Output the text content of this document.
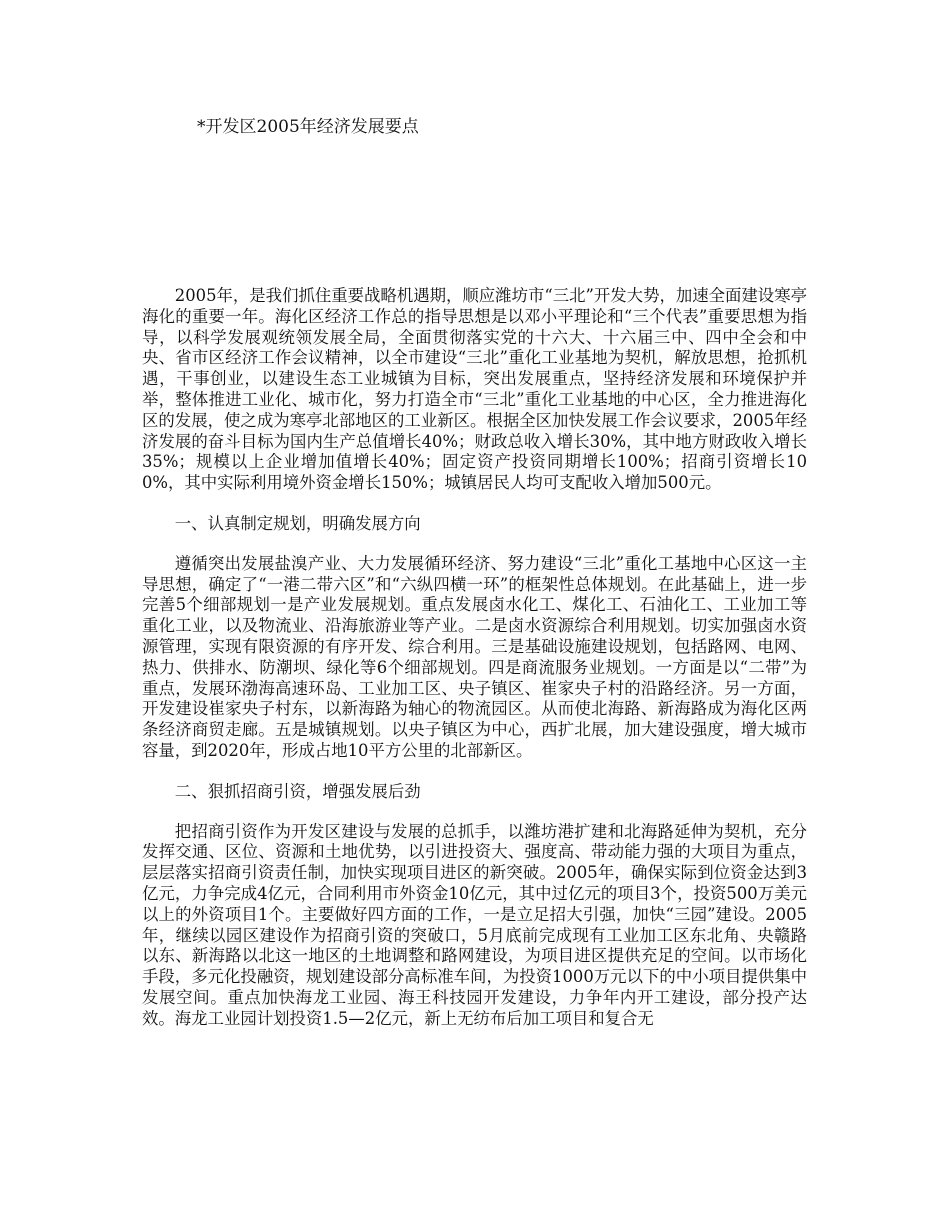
*开发区2005年经济发展要点

2005年，是我们抓住重要战略机遇期，顺应潍坊市“三北”开发大势，加速全面建设寒亭海化的重要一年。海化区经济工作总的指导思想是以邓小平理论和“三个代表”重要思想为指导，以科学发展观统领发展全局，全面贯彻落实党的十六大、十六届三中、四中全会和中央、省市区经济工作会议精神，以全市建设“三北”重化工业基地为契机，解放思想，抢抓机遇，干事创业，以建设生态工业城镇为目标，突出发展重点，坚持经济发展和环境保护并举，整体推进工业化、城市化，努力打造全市“三北”重化工业基地的中心区，全力推进海化区的发展，使之成为寒亭北部地区的工业新区。根据全区加快发展工作会议要求，2005年经济发展的奋斗目标为国内生产总值增长40%；财政总收入增长30%，其中地方财政收入增长35%；规模以上企业增加值增长40%；固定资产投资同期增长100%；招商引资增长100%，其中实际利用境外资金增长150%；城镇居民人均可支配收入增加500元。

一、认真制定规划，明确发展方向

遵循突出发展盐溴产业、大力发展循环经济、努力建设“三北”重化工基地中心区这一主导思想，确定了“一港二带六区”和“六纵四横一环”的框架性总体规划。在此基础上，进一步完善5个细部规划一是产业发展规划。重点发展卤水化工、煤化工、石油化工、工业加工等重化工业，以及物流业、沿海旅游业等产业。二是卤水资源综合利用规划。切实加强卤水资源管理，实现有限资源的有序开发、综合利用。三是基础设施建设规划，包括路网、电网、热力、供排水、防潮坝、绿化等6个细部规划。四是商流服务业规划。一方面是以“二带”为重点，发展环渤海高速环岛、工业加工区、央子镇区、崔家央子村的沿路经济。另一方面，开发建设崔家央子村东，以新海路为轴心的物流园区。从而使北海路、新海路成为海化区两条经济商贸走廊。五是城镇规划。以央子镇区为中心，西扩北展，加大建设强度，增大城市容量，到2020年，形成占地10平方公里的北部新区。

二、狠抓招商引资，增强发展后劲

把招商引资作为开发区建设与发展的总抓手，以潍坊港扩建和北海路延伸为契机，充分发挥交通、区位、资源和土地优势，以引进投资大、强度高、带动能力强的大项目为重点，层层落实招商引资责任制，加快实现项目进区的新突破。2005年，确保实际到位资金达到3亿元，力争完成4亿元，合同利用市外资金10亿元，其中过亿元的项目3个，投资500万美元以上的外资项目1个。主要做好四方面的工作，一是立足招大引强，加快“三园”建设。2005年，继续以园区建设作为招商引资的突破口，5月底前完成现有工业加工区东北角、央赣路以东、新海路以北这一地区的土地调整和路网建设，为项目进区提供充足的空间。以市场化手段，多元化投融资，规划建设部分高标准车间，为投资1000万元以下的中小项目提供集中发展空间。重点加快海龙工业园、海王科技园开发建设，力争年内开工建设，部分投产达效。海龙工业园计划投资1.5—2亿元，新上无纺布后加工项目和复合无
